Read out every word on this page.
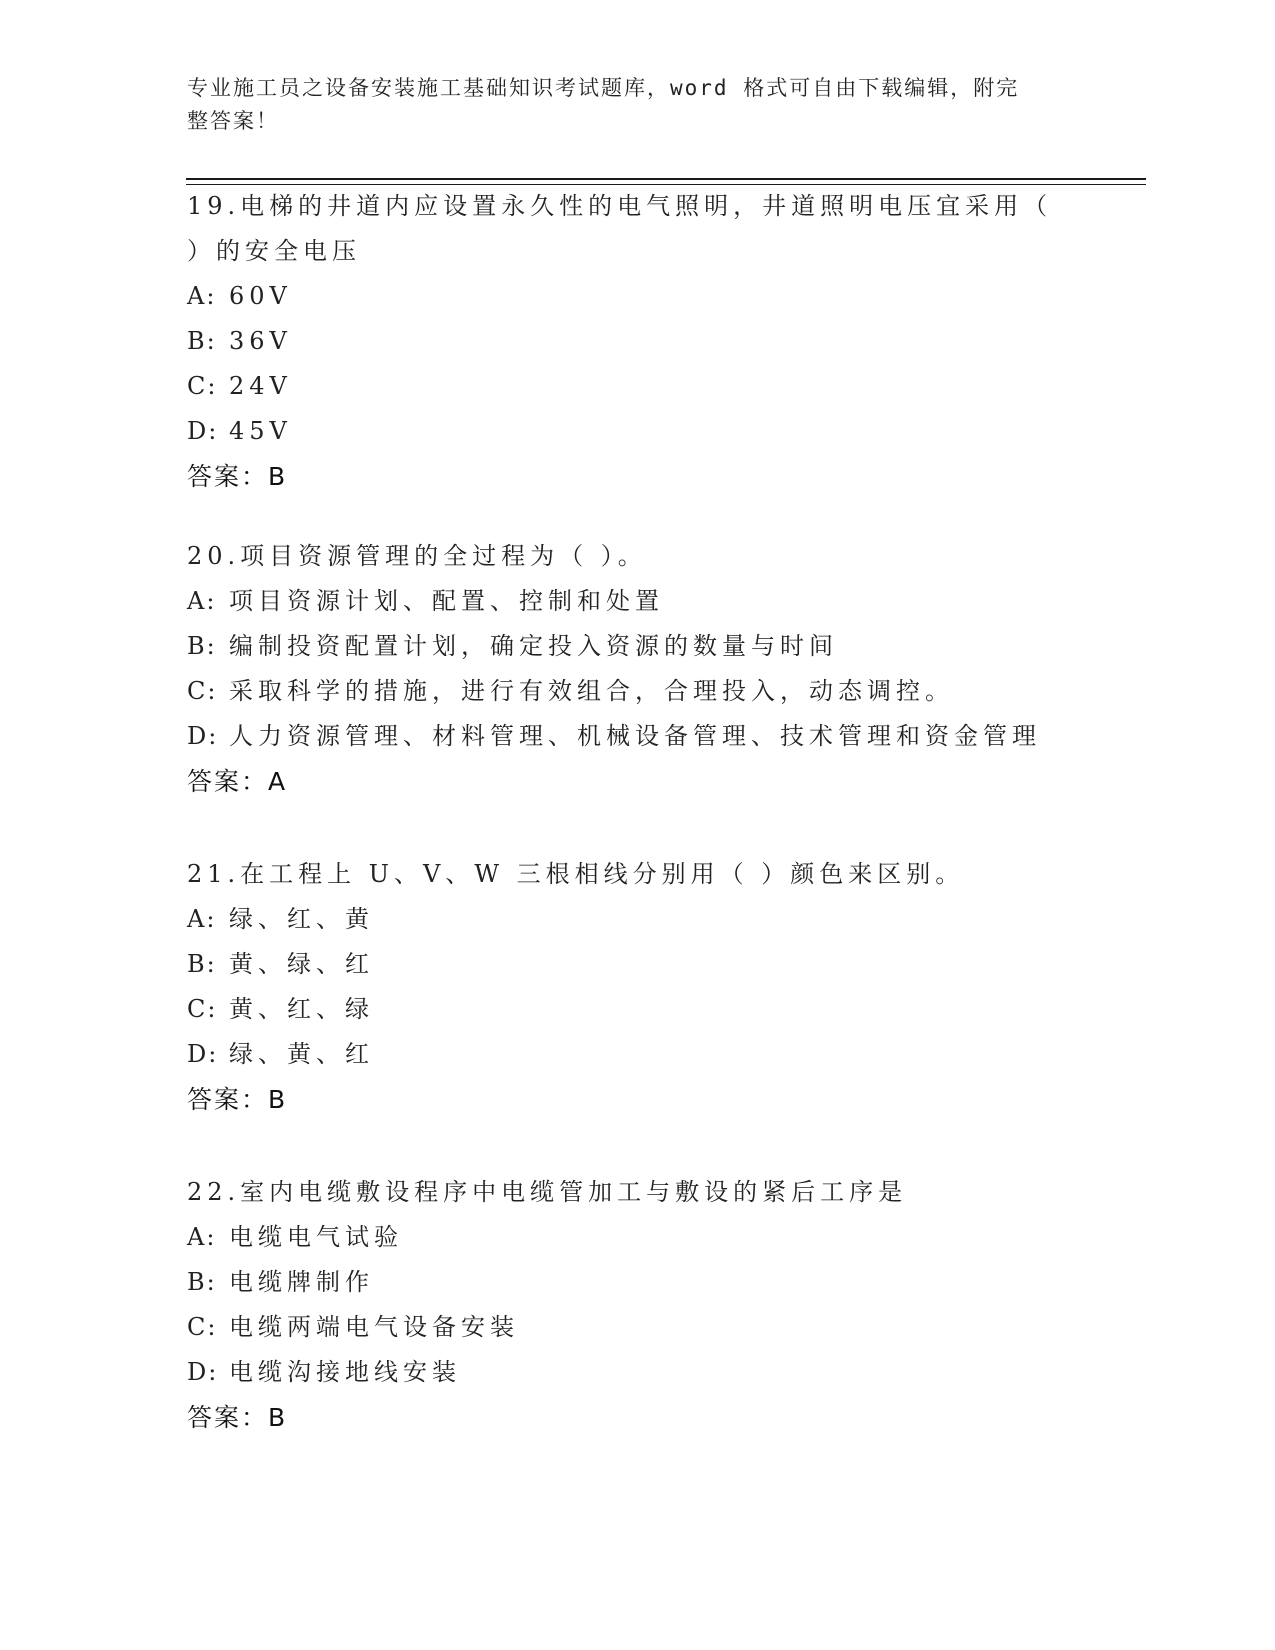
专业施工员之设备安装施工基础知识考试题库，word 格式可自由下载编辑，附完
整答案！
19.电梯的井道内应设置永久性的电气照明，井道照明电压宜采用（
）的安全电压
A: 60V
B: 36V
C: 24V
D: 45V
答案：B
20.项目资源管理的全过程为（ ）。
A: 项目资源计划、配置、控制和处置
B: 编制投资配置计划，确定投入资源的数量与时间
C: 采取科学的措施，进行有效组合，合理投入，动态调控。
D: 人力资源管理、材料管理、机械设备管理、技术管理和资金管理
答案：A
21.在工程上 U、V、W 三根相线分别用（ ）颜色来区别。
A: 绿、红、黄
B: 黄、绿、红
C: 黄、红、绿
D: 绿、黄、红
答案：B
22.室内电缆敷设程序中电缆管加工与敷设的紧后工序是
A: 电缆电气试验
B: 电缆牌制作
C: 电缆两端电气设备安装
D: 电缆沟接地线安装
答案：B
